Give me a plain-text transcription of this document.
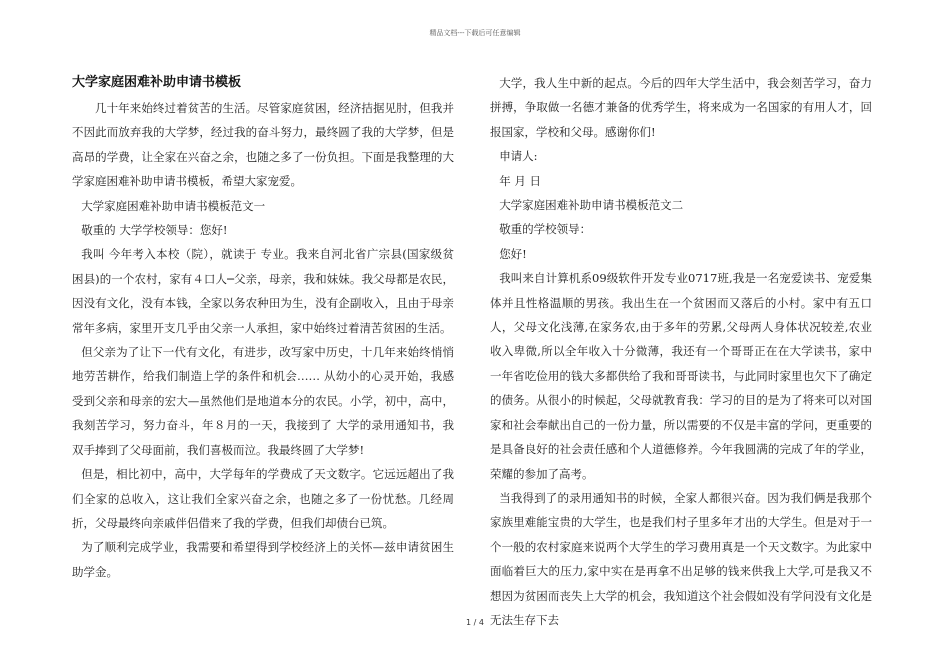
精品文档---下载后可任意编辑
大学家庭困难补助申请书模板

几十年来始终过着贫苦的生活。尽管家庭贫困，经济拮据见肘，但我并不因此而放弃我的大学梦，经过我的奋斗努力，最终圆了我的大学梦，但是高昂的学费，让全家在兴奋之余，也随之多了一份负担。下面是我整理的大学家庭困难补助申请书模板，希望大家宠爱。

大学家庭困难补助申请书模板范文一

敬重的 大学学校领导：您好!

我叫 今年考入本校（院），就读于 专业。我来自河北省广宗县(国家级贫困县)的一个农村，家有４口人─父亲，母亲，我和妹妹。我父母都是农民，因没有文化，没有本钱，全家以务农种田为生，没有企副收入，且由于母亲常年多病，家里开支几乎由父亲一人承担，家中始终过着清苦贫困的生活。

但父亲为了让下一代有文化，有进步，改写家中历史，十几年来始终悄悄地劳苦耕作，给我们制造上学的条件和机会…… 从幼小的心灵开始，我感受到父亲和母亲的宏大—虽然他们是地道本分的农民。小学，初中，高中，我刻苦学习，努力奋斗，年８月的一天，我接到了 大学的录用通知书，我双手捧到了父母面前，我们喜极而泣。我最终圆了大学梦!

但是，相比初中，高中，大学每年的学费成了天文数字。它远远超出了我们全家的总收入，这让我们全家兴奋之余，也随之多了一份忧愁。几经周折，父母最终向亲戚伴侣借来了我的学费，但我们却债台已筑。

为了顺利完成学业，我需要和希望得到学校经济上的关怀—兹申请贫困生助学金。

大学，我人生中新的起点。今后的四年大学生活中，我会刻苦学习，奋力拼搏，争取做一名德才兼备的优秀学生，将来成为一名国家的有用人才，回报国家，学校和父母。感谢你们!

申请人:

年 月 日

大学家庭困难补助申请书模板范文二

敬重的学校领导：

您好!

我叫来自计算机系09级软件开发专业0717班,我是一名宠爱读书、宠爱集体并且性格温顺的男孩。我出生在一个贫困而又落后的小村。家中有五口人，父母文化浅薄,在家务农,由于多年的劳累,父母两人身体状况较差,农业收入卑微,所以全年收入十分微薄，我还有一个哥哥正在在大学读书，家中一年省吃俭用的钱大多都供给了我和哥哥读书，与此同时家里也欠下了确定的债务。从很小的时候起，父母就教育我：学习的目的是为了将来可以对国家和社会奉献出自己的一份力量，所以需要的不仅是丰富的学问，更重要的是具备良好的社会责任感和个人道德修养。今年我圆满的完成了年的学业，荣耀的参加了高考。

当我得到了的录用通知书的时候，全家人都很兴奋。因为我们俩是我那个家族里难能宝贵的大学生，也是我们村子里多年才出的大学生。但是对于一个一般的农村家庭来说两个大学生的学习费用真是一个天文数字。为此家中面临着巨大的压力,家中实在是再拿不出足够的钱来供我上大学,可是我又不想因为贫困而丧失上大学的机会，我知道这个社会假如没有学问没有文化是无法生存下去

1 / 4
